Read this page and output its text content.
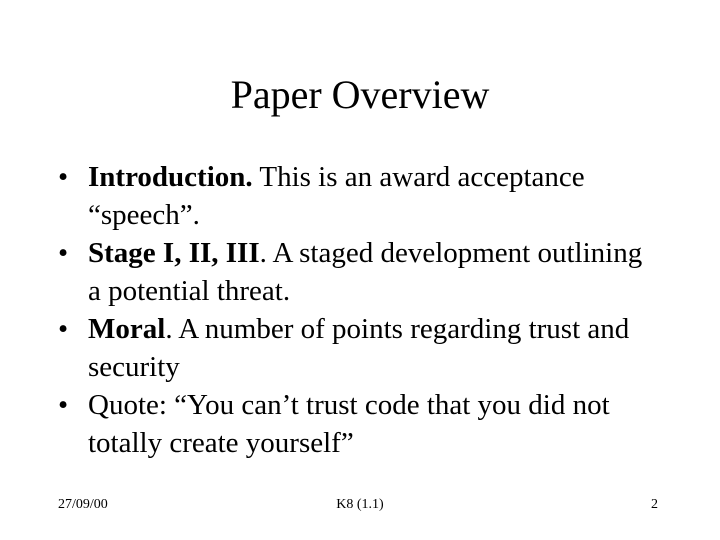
Paper Overview
• Introduction. This is an award acceptance “speech”.
• Stage I, II, III. A staged development outlining a potential threat.
• Moral. A number of points regarding trust and security
• Quote: “You can’t trust code that you did not totally create yourself”
27/09/00	K8 (1.1)	2
